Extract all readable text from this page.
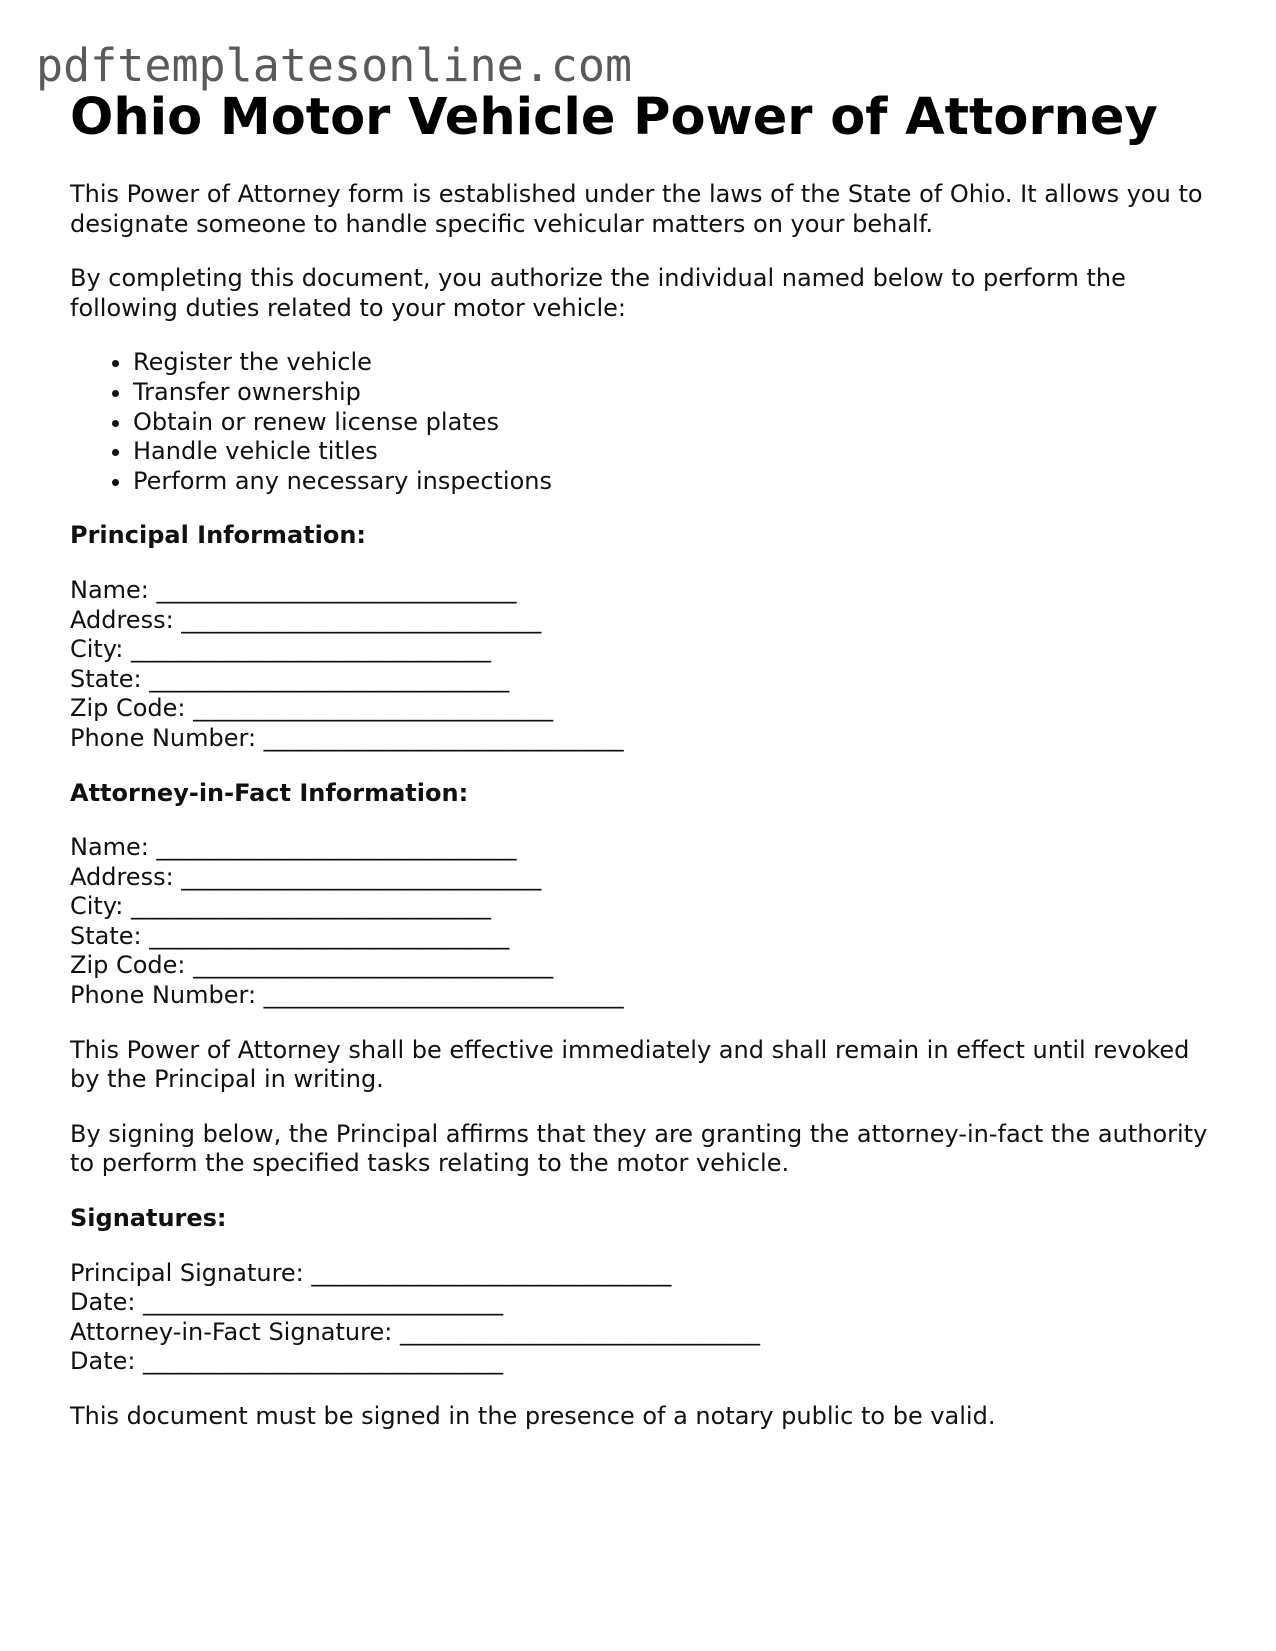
pdftemplatesonline.com
Ohio Motor Vehicle Power of Attorney

This Power of Attorney form is established under the laws of the State of Ohio. It allows you to designate someone to handle specific vehicular matters on your behalf.

By completing this document, you authorize the individual named below to perform the following duties related to your motor vehicle:

• Register the vehicle
• Transfer ownership
• Obtain or renew license plates
• Handle vehicle titles
• Perform any necessary inspections
Principal Information:
Name: ______________________________
Address: ______________________________
City: ______________________________
State: ______________________________
Zip Code: ______________________________
Phone Number: ______________________________
Attorney-in-Fact Information:
Name: ______________________________
Address: ______________________________
City: ______________________________
State: ______________________________
Zip Code: ______________________________
Phone Number: ______________________________

This Power of Attorney shall be effective immediately and shall remain in effect until revoked by the Principal in writing.

By signing below, the Principal affirms that they are granting the attorney-in-fact the authority to perform the specified tasks relating to the motor vehicle.

Signatures:
Principal Signature: ______________________________
Date: ______________________________
Attorney-in-Fact Signature: ______________________________
Date: ______________________________

This document must be signed in the presence of a notary public to be valid.
